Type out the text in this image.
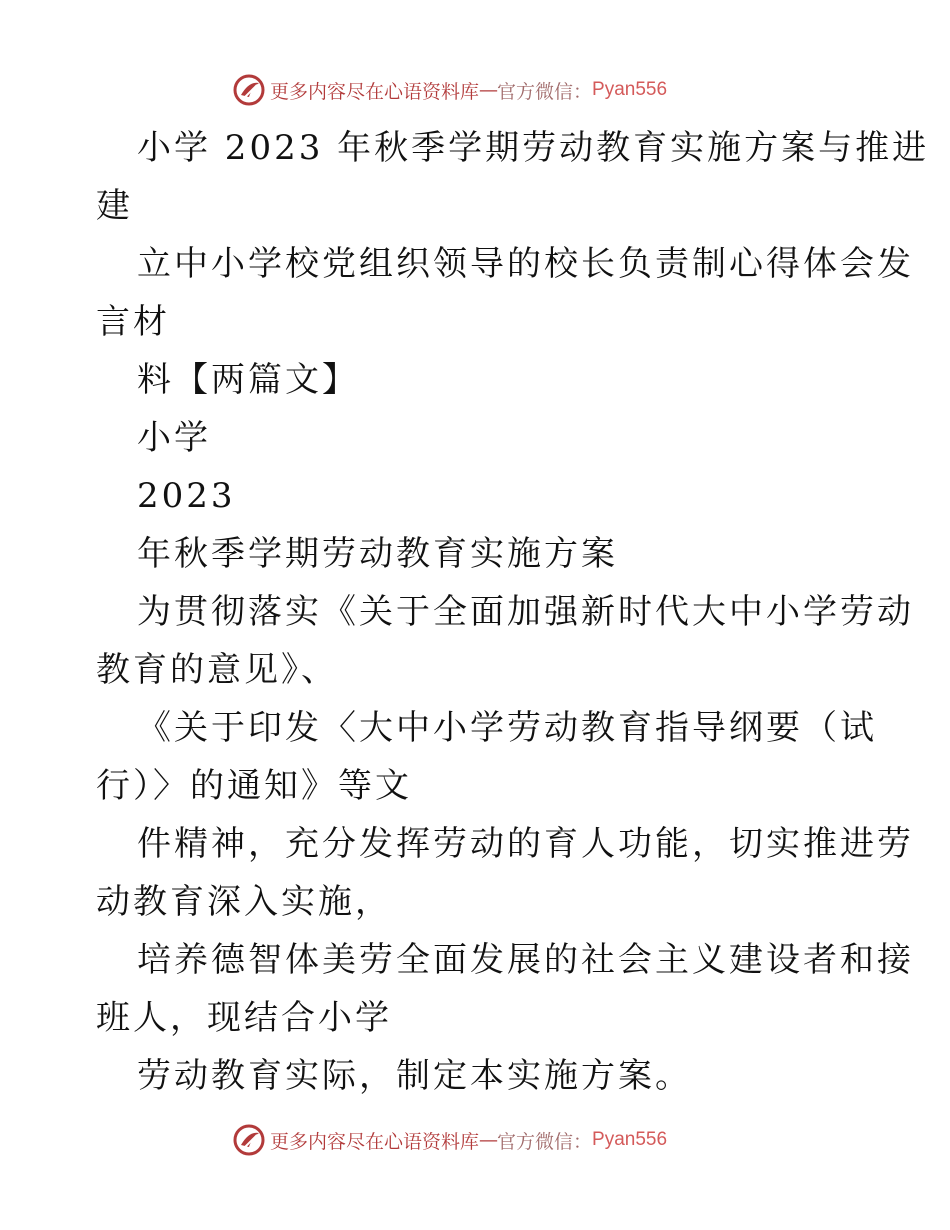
更多内容尽在心语资料库 — 官方微信： Pyan556
小学 2023 年秋季学期劳动教育实施方案与推进
建
立中小学校党组织领导的校长负责制心得体会发
言材
料【两篇文】
小学
2023
年秋季学期劳动教育实施方案
为贯彻落实《关于全面加强新时代大中小学劳动
教育的意见》、
《关于印发〈大中小学劳动教育指导纲要（试
行）〉的通知》等文
件精神，充分发挥劳动的育人功能，切实推进劳
动教育深入实施，
培养德智体美劳全面发展的社会主义建设者和接
班人，现结合小学
劳动教育实际，制定本实施方案。
更多内容尽在心语资料库 — 官方微信： Pyan556
